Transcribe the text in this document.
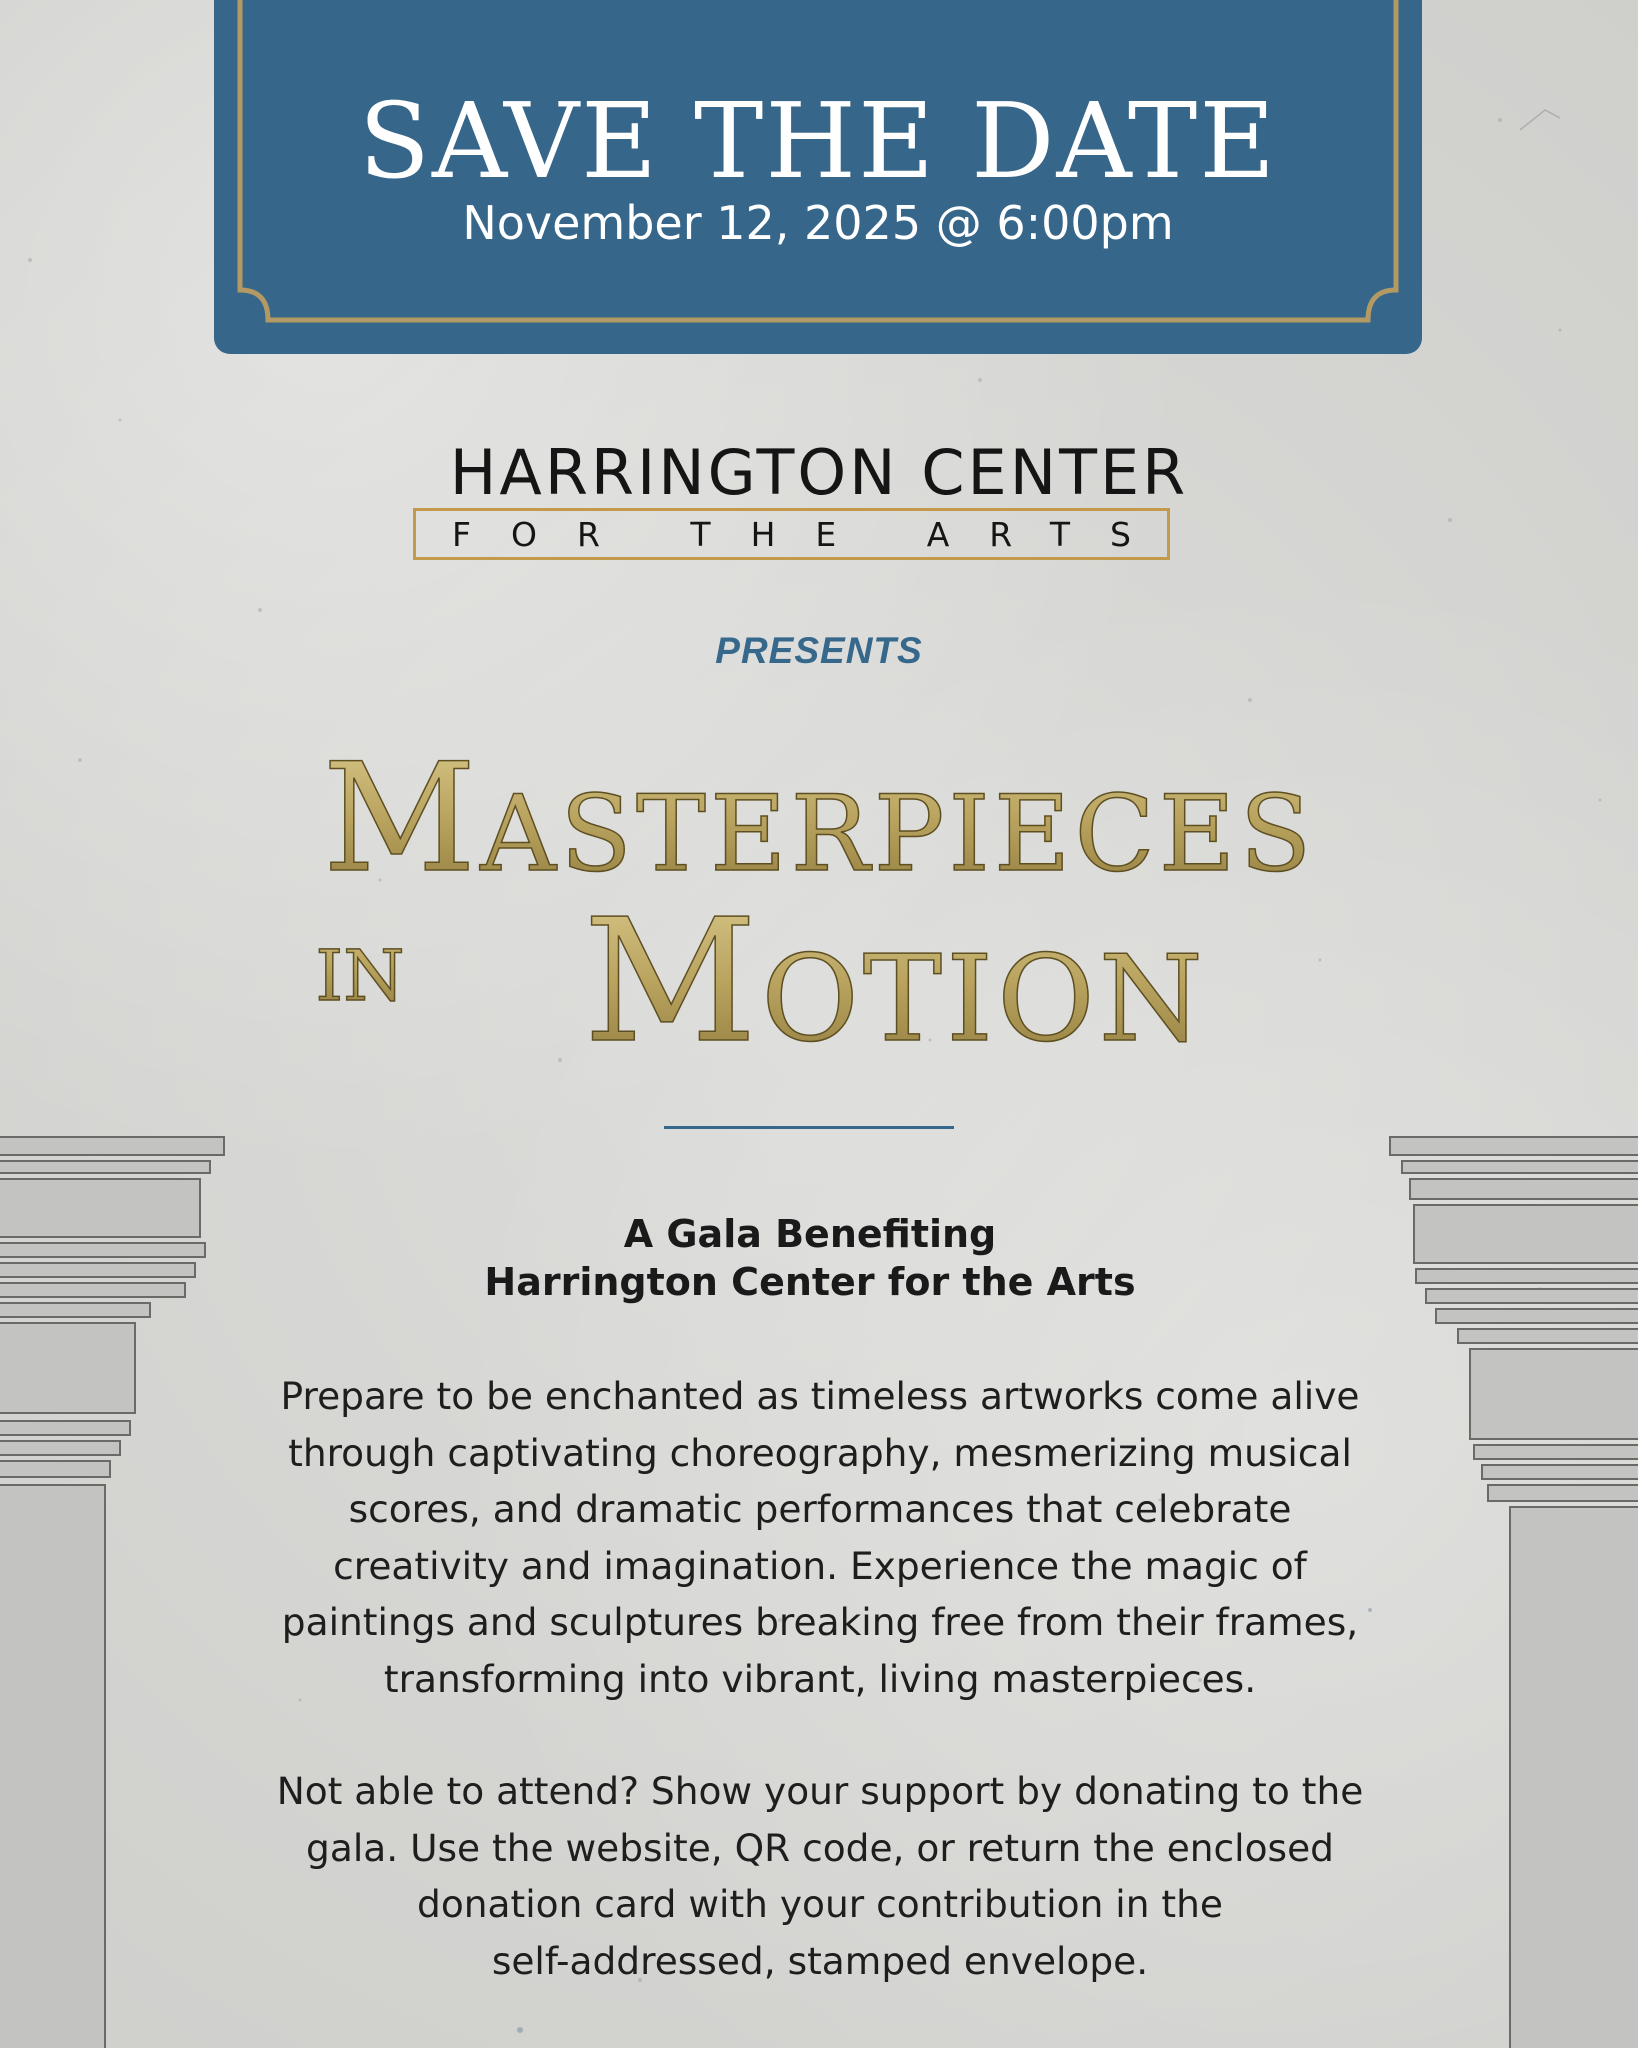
SAVE THE DATE
November 12, 2025 @ 6:00pm
HARRINGTON CENTER
FOR THE ARTS
PRESENTS
Masterpieces
in Motion
A Gala Benefiting
Harrington Center for the Arts
Prepare to be enchanted as timeless artworks come alive
through captivating choreography, mesmerizing musical
scores, and dramatic performances that celebrate
creativity and imagination. Experience the magic of
paintings and sculptures breaking free from their frames,
transforming into vibrant, living masterpieces.
Not able to attend? Show your support by donating to the
gala. Use the website, QR code, or return the enclosed
donation card with your contribution in the
self-addressed, stamped envelope.
